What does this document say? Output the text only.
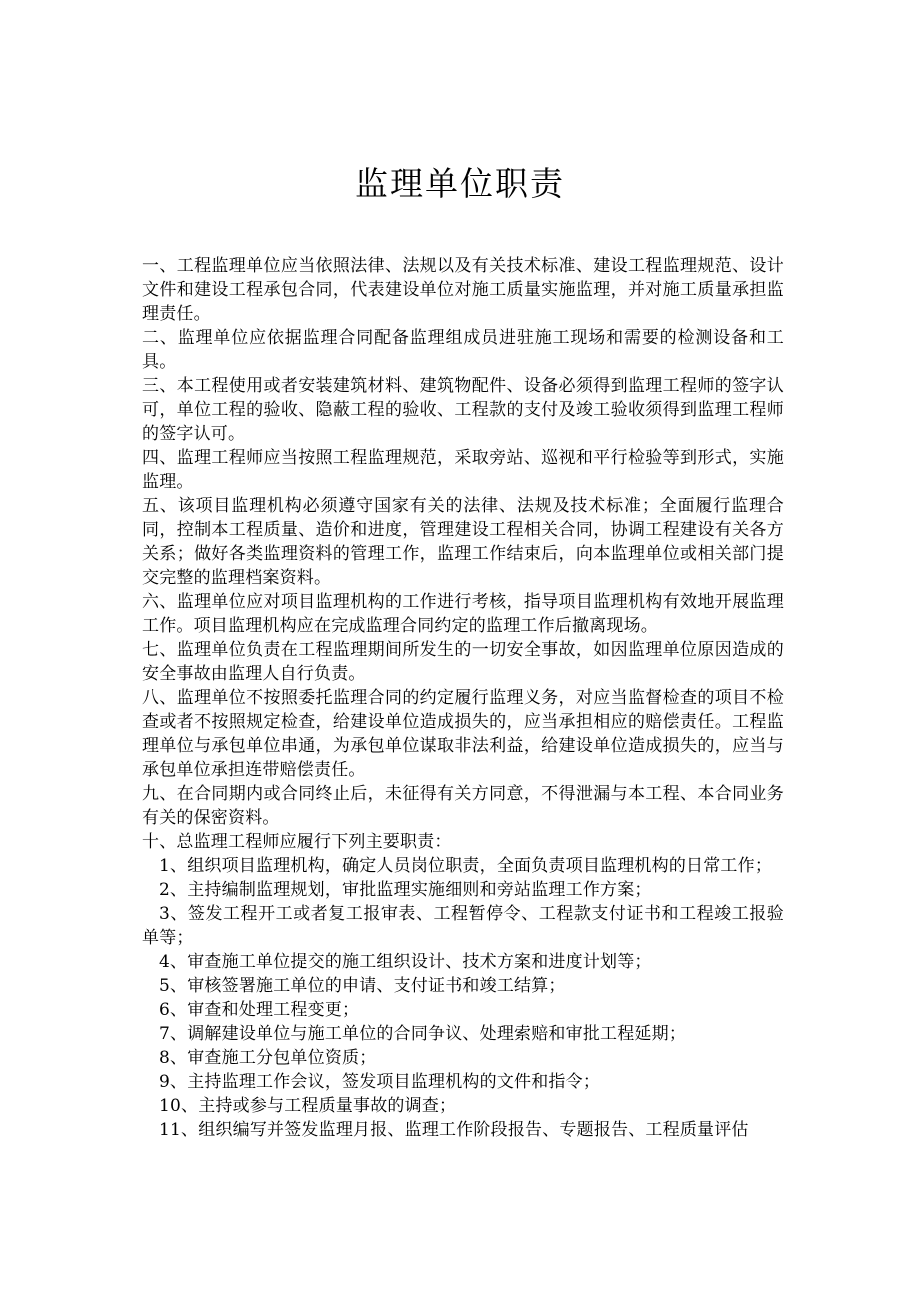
监理单位职责

一、工程监理单位应当依照法律、法规以及有关技术标准、建设工程监理规范、设计文件和建设工程承包合同，代表建设单位对施工质量实施监理，并对施工质量承担监理责任。

二、监理单位应依据监理合同配备监理组成员进驻施工现场和需要的检测设备和工具。

三、本工程使用或者安装建筑材料、建筑物配件、设备必须得到监理工程师的签字认可，单位工程的验收、隐蔽工程的验收、工程款的支付及竣工验收须得到监理工程师的签字认可。

四、监理工程师应当按照工程监理规范，采取旁站、巡视和平行检验等到形式，实施监理。

五、该项目监理机构必须遵守国家有关的法律、法规及技术标准；全面履行监理合同，控制本工程质量、造价和进度，管理建设工程相关合同，协调工程建设有关各方关系；做好各类监理资料的管理工作，监理工作结束后，向本监理单位或相关部门提交完整的监理档案资料。

六、监理单位应对项目监理机构的工作进行考核，指导项目监理机构有效地开展监理工作。项目监理机构应在完成监理合同约定的监理工作后撤离现场。

七、监理单位负责在工程监理期间所发生的一切安全事故，如因监理单位原因造成的安全事故由监理人自行负责。

八、监理单位不按照委托监理合同的约定履行监理义务，对应当监督检查的项目不检查或者不按照规定检查，给建设单位造成损失的，应当承担相应的赔偿责任。工程监理单位与承包单位串通，为承包单位谋取非法利益，给建设单位造成损失的，应当与承包单位承担连带赔偿责任。

九、在合同期内或合同终止后，未征得有关方同意，不得泄漏与本工程、本合同业务有关的保密资料。

十、总监理工程师应履行下列主要职责：

1、组织项目监理机构，确定人员岗位职责，全面负责项目监理机构的日常工作；

2、主持编制监理规划，审批监理实施细则和旁站监理工作方案；

3、签发工程开工或者复工报审表、工程暂停令、工程款支付证书和工程竣工报验单等；

4、审查施工单位提交的施工组织设计、技术方案和进度计划等；

5、审核签署施工单位的申请、支付证书和竣工结算；

6、审查和处理工程变更；

7、调解建设单位与施工单位的合同争议、处理索赔和审批工程延期；

8、审查施工分包单位资质；

9、主持监理工作会议，签发项目监理机构的文件和指令；

10、主持或参与工程质量事故的调查；

11、组织编写并签发监理月报、监理工作阶段报告、专题报告、工程质量评估
